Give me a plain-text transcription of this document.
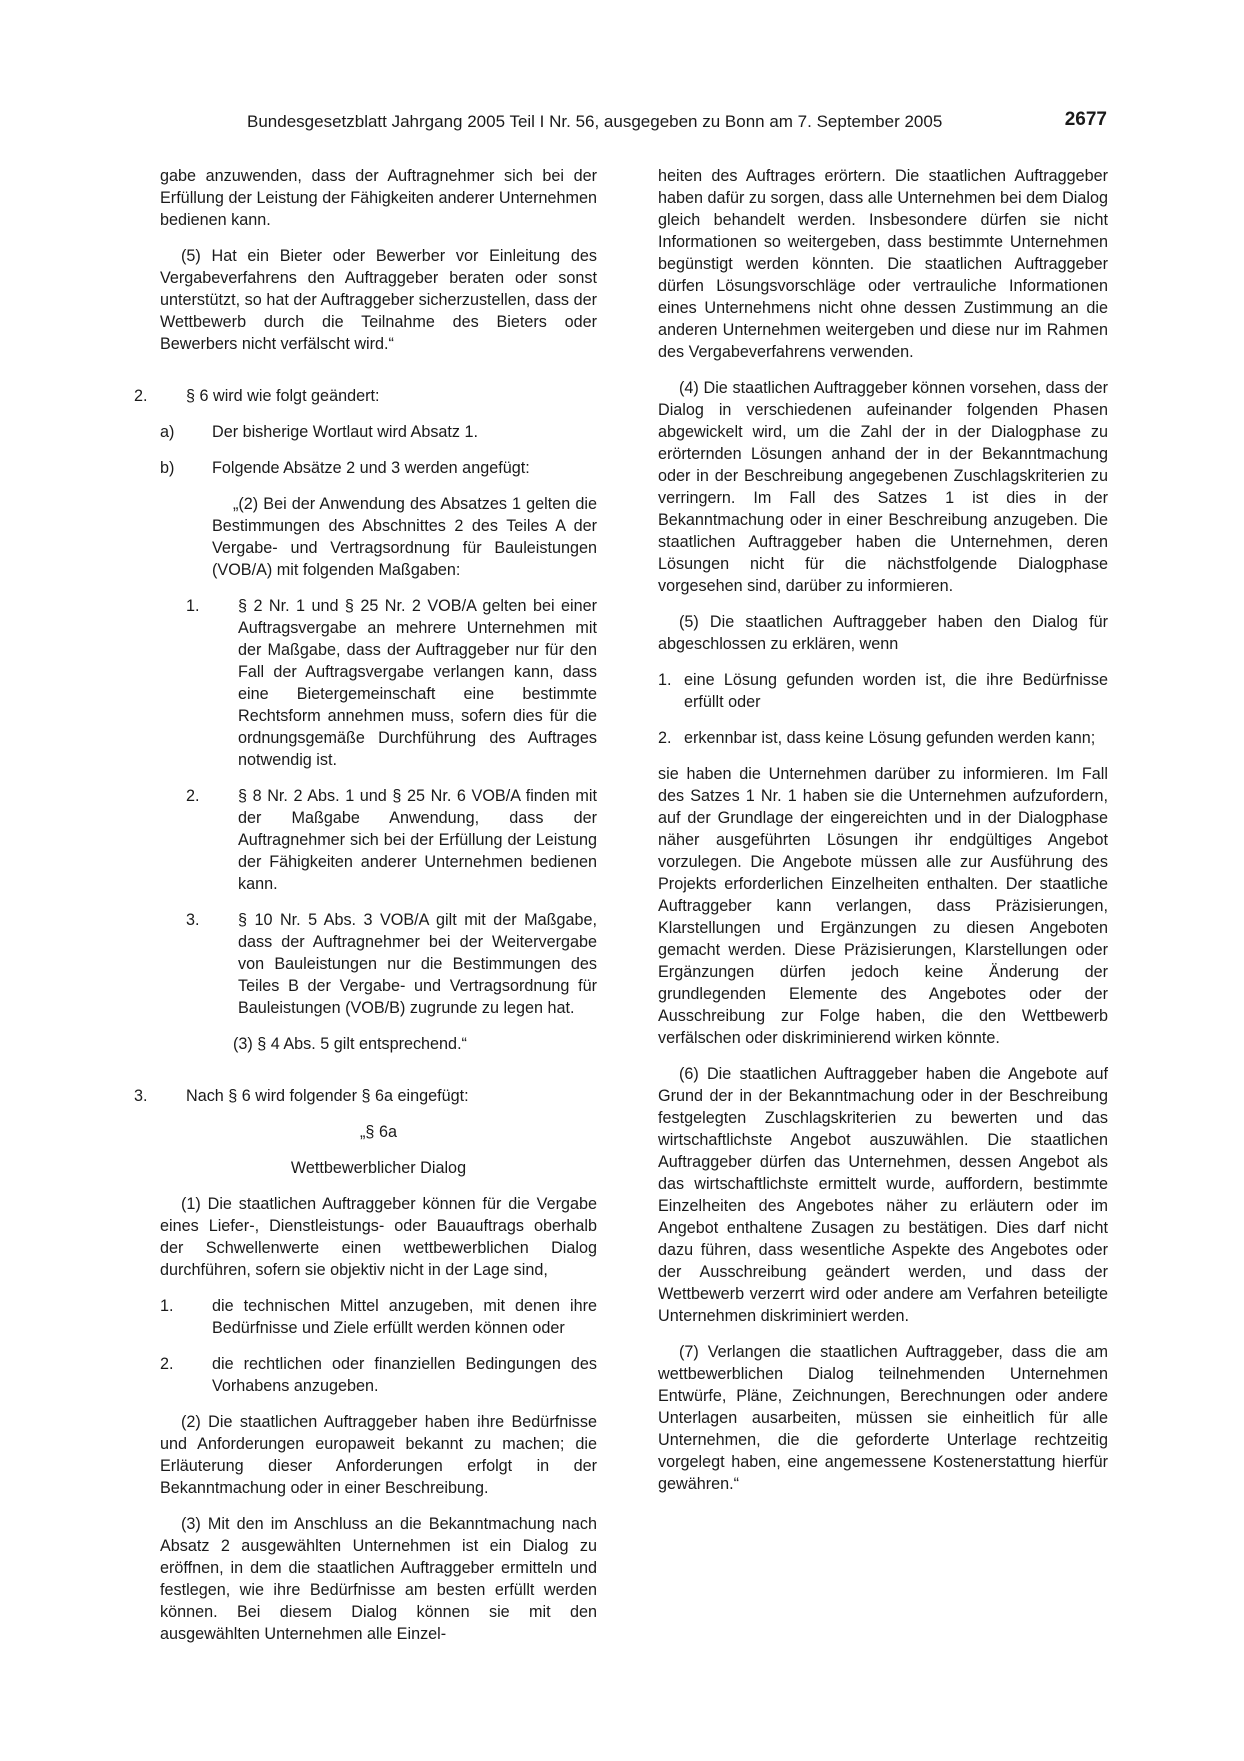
Bundesgesetzblatt Jahrgang 2005 Teil I Nr. 56, ausgegeben zu Bonn am 7. September 2005	2677

gabe anzuwenden, dass der Auftragnehmer sich bei der Erfüllung der Leistung der Fähigkeiten anderer Unternehmen bedienen kann.

(5) Hat ein Bieter oder Bewerber vor Einleitung des Vergabeverfahrens den Auftraggeber beraten oder sonst unterstützt, so hat der Auftraggeber sicherzustellen, dass der Wettbewerb durch die Teilnahme des Bieters oder Bewerbers nicht verfälscht wird.“

2. § 6 wird wie folgt geändert:
a) Der bisherige Wortlaut wird Absatz 1.
b) Folgende Absätze 2 und 3 werden angefügt:

„(2) Bei der Anwendung des Absatzes 1 gelten die Bestimmungen des Abschnittes 2 des Teiles A der Vergabe- und Vertragsordnung für Bauleistungen (VOB/A) mit folgenden Maßgaben:

1. § 2 Nr. 1 und § 25 Nr. 2 VOB/A gelten bei einer Auftragsvergabe an mehrere Unternehmen mit der Maßgabe, dass der Auftraggeber nur für den Fall der Auftragsvergabe verlangen kann, dass eine Bietergemeinschaft eine bestimmte Rechtsform annehmen muss, sofern dies für die ordnungsgemäße Durchführung des Auftrages notwendig ist.
2. § 8 Nr. 2 Abs. 1 und § 25 Nr. 6 VOB/A finden mit der Maßgabe Anwendung, dass der Auftragnehmer sich bei der Erfüllung der Leistung der Fähigkeiten anderer Unternehmen bedienen kann.
3. § 10 Nr. 5 Abs. 3 VOB/A gilt mit der Maßgabe, dass der Auftragnehmer bei der Weitervergabe von Bauleistungen nur die Bestimmungen des Teiles B der Vergabe- und Vertragsordnung für Bauleistungen (VOB/B) zugrunde zu legen hat.

(3) § 4 Abs. 5 gilt entsprechend.“

3. Nach § 6 wird folgender § 6a eingefügt:

„§ 6a

Wettbewerblicher Dialog

(1) Die staatlichen Auftraggeber können für die Vergabe eines Liefer-, Dienstleistungs- oder Bauauftrags oberhalb der Schwellenwerte einen wettbewerblichen Dialog durchführen, sofern sie objektiv nicht in der Lage sind,

1. die technischen Mittel anzugeben, mit denen ihre Bedürfnisse und Ziele erfüllt werden können oder
2. die rechtlichen oder finanziellen Bedingungen des Vorhabens anzugeben.

(2) Die staatlichen Auftraggeber haben ihre Bedürfnisse und Anforderungen europaweit bekannt zu machen; die Erläuterung dieser Anforderungen erfolgt in der Bekanntmachung oder in einer Beschreibung.

(3) Mit den im Anschluss an die Bekanntmachung nach Absatz 2 ausgewählten Unternehmen ist ein Dialog zu eröffnen, in dem die staatlichen Auftraggeber ermitteln und festlegen, wie ihre Bedürfnisse am besten erfüllt werden können. Bei diesem Dialog können sie mit den ausgewählten Unternehmen alle Einzel-

heiten des Auftrages erörtern. Die staatlichen Auftraggeber haben dafür zu sorgen, dass alle Unternehmen bei dem Dialog gleich behandelt werden. Insbesondere dürfen sie nicht Informationen so weitergeben, dass bestimmte Unternehmen begünstigt werden könnten. Die staatlichen Auftraggeber dürfen Lösungsvorschläge oder vertrauliche Informationen eines Unternehmens nicht ohne dessen Zustimmung an die anderen Unternehmen weitergeben und diese nur im Rahmen des Vergabeverfahrens verwenden.

(4) Die staatlichen Auftraggeber können vorsehen, dass der Dialog in verschiedenen aufeinander folgenden Phasen abgewickelt wird, um die Zahl der in der Dialogphase zu erörternden Lösungen anhand der in der Bekanntmachung oder in der Beschreibung angegebenen Zuschlagskriterien zu verringern. Im Fall des Satzes 1 ist dies in der Bekanntmachung oder in einer Beschreibung anzugeben. Die staatlichen Auftraggeber haben die Unternehmen, deren Lösungen nicht für die nächstfolgende Dialogphase vorgesehen sind, darüber zu informieren.

(5) Die staatlichen Auftraggeber haben den Dialog für abgeschlossen zu erklären, wenn

1. eine Lösung gefunden worden ist, die ihre Bedürfnisse erfüllt oder
2. erkennbar ist, dass keine Lösung gefunden werden kann;

sie haben die Unternehmen darüber zu informieren. Im Fall des Satzes 1 Nr. 1 haben sie die Unternehmen aufzufordern, auf der Grundlage der eingereichten und in der Dialogphase näher ausgeführten Lösungen ihr endgültiges Angebot vorzulegen. Die Angebote müssen alle zur Ausführung des Projekts erforderlichen Einzelheiten enthalten. Der staatliche Auftraggeber kann verlangen, dass Präzisierungen, Klarstellungen und Ergänzungen zu diesen Angeboten gemacht werden. Diese Präzisierungen, Klarstellungen oder Ergänzungen dürfen jedoch keine Änderung der grundlegenden Elemente des Angebotes oder der Ausschreibung zur Folge haben, die den Wettbewerb verfälschen oder diskriminierend wirken könnte.

(6) Die staatlichen Auftraggeber haben die Angebote auf Grund der in der Bekanntmachung oder in der Beschreibung festgelegten Zuschlagskriterien zu bewerten und das wirtschaftlichste Angebot auszuwählen. Die staatlichen Auftraggeber dürfen das Unternehmen, dessen Angebot als das wirtschaftlichste ermittelt wurde, auffordern, bestimmte Einzelheiten des Angebotes näher zu erläutern oder im Angebot enthaltene Zusagen zu bestätigen. Dies darf nicht dazu führen, dass wesentliche Aspekte des Angebotes oder der Ausschreibung geändert werden, und dass der Wettbewerb verzerrt wird oder andere am Verfahren beteiligte Unternehmen diskriminiert werden.

(7) Verlangen die staatlichen Auftraggeber, dass die am wettbewerblichen Dialog teilnehmenden Unternehmen Entwürfe, Pläne, Zeichnungen, Berechnungen oder andere Unterlagen ausarbeiten, müssen sie einheitlich für alle Unternehmen, die die geforderte Unterlage rechtzeitig vorgelegt haben, eine angemessene Kostenerstattung hierfür gewähren.“
